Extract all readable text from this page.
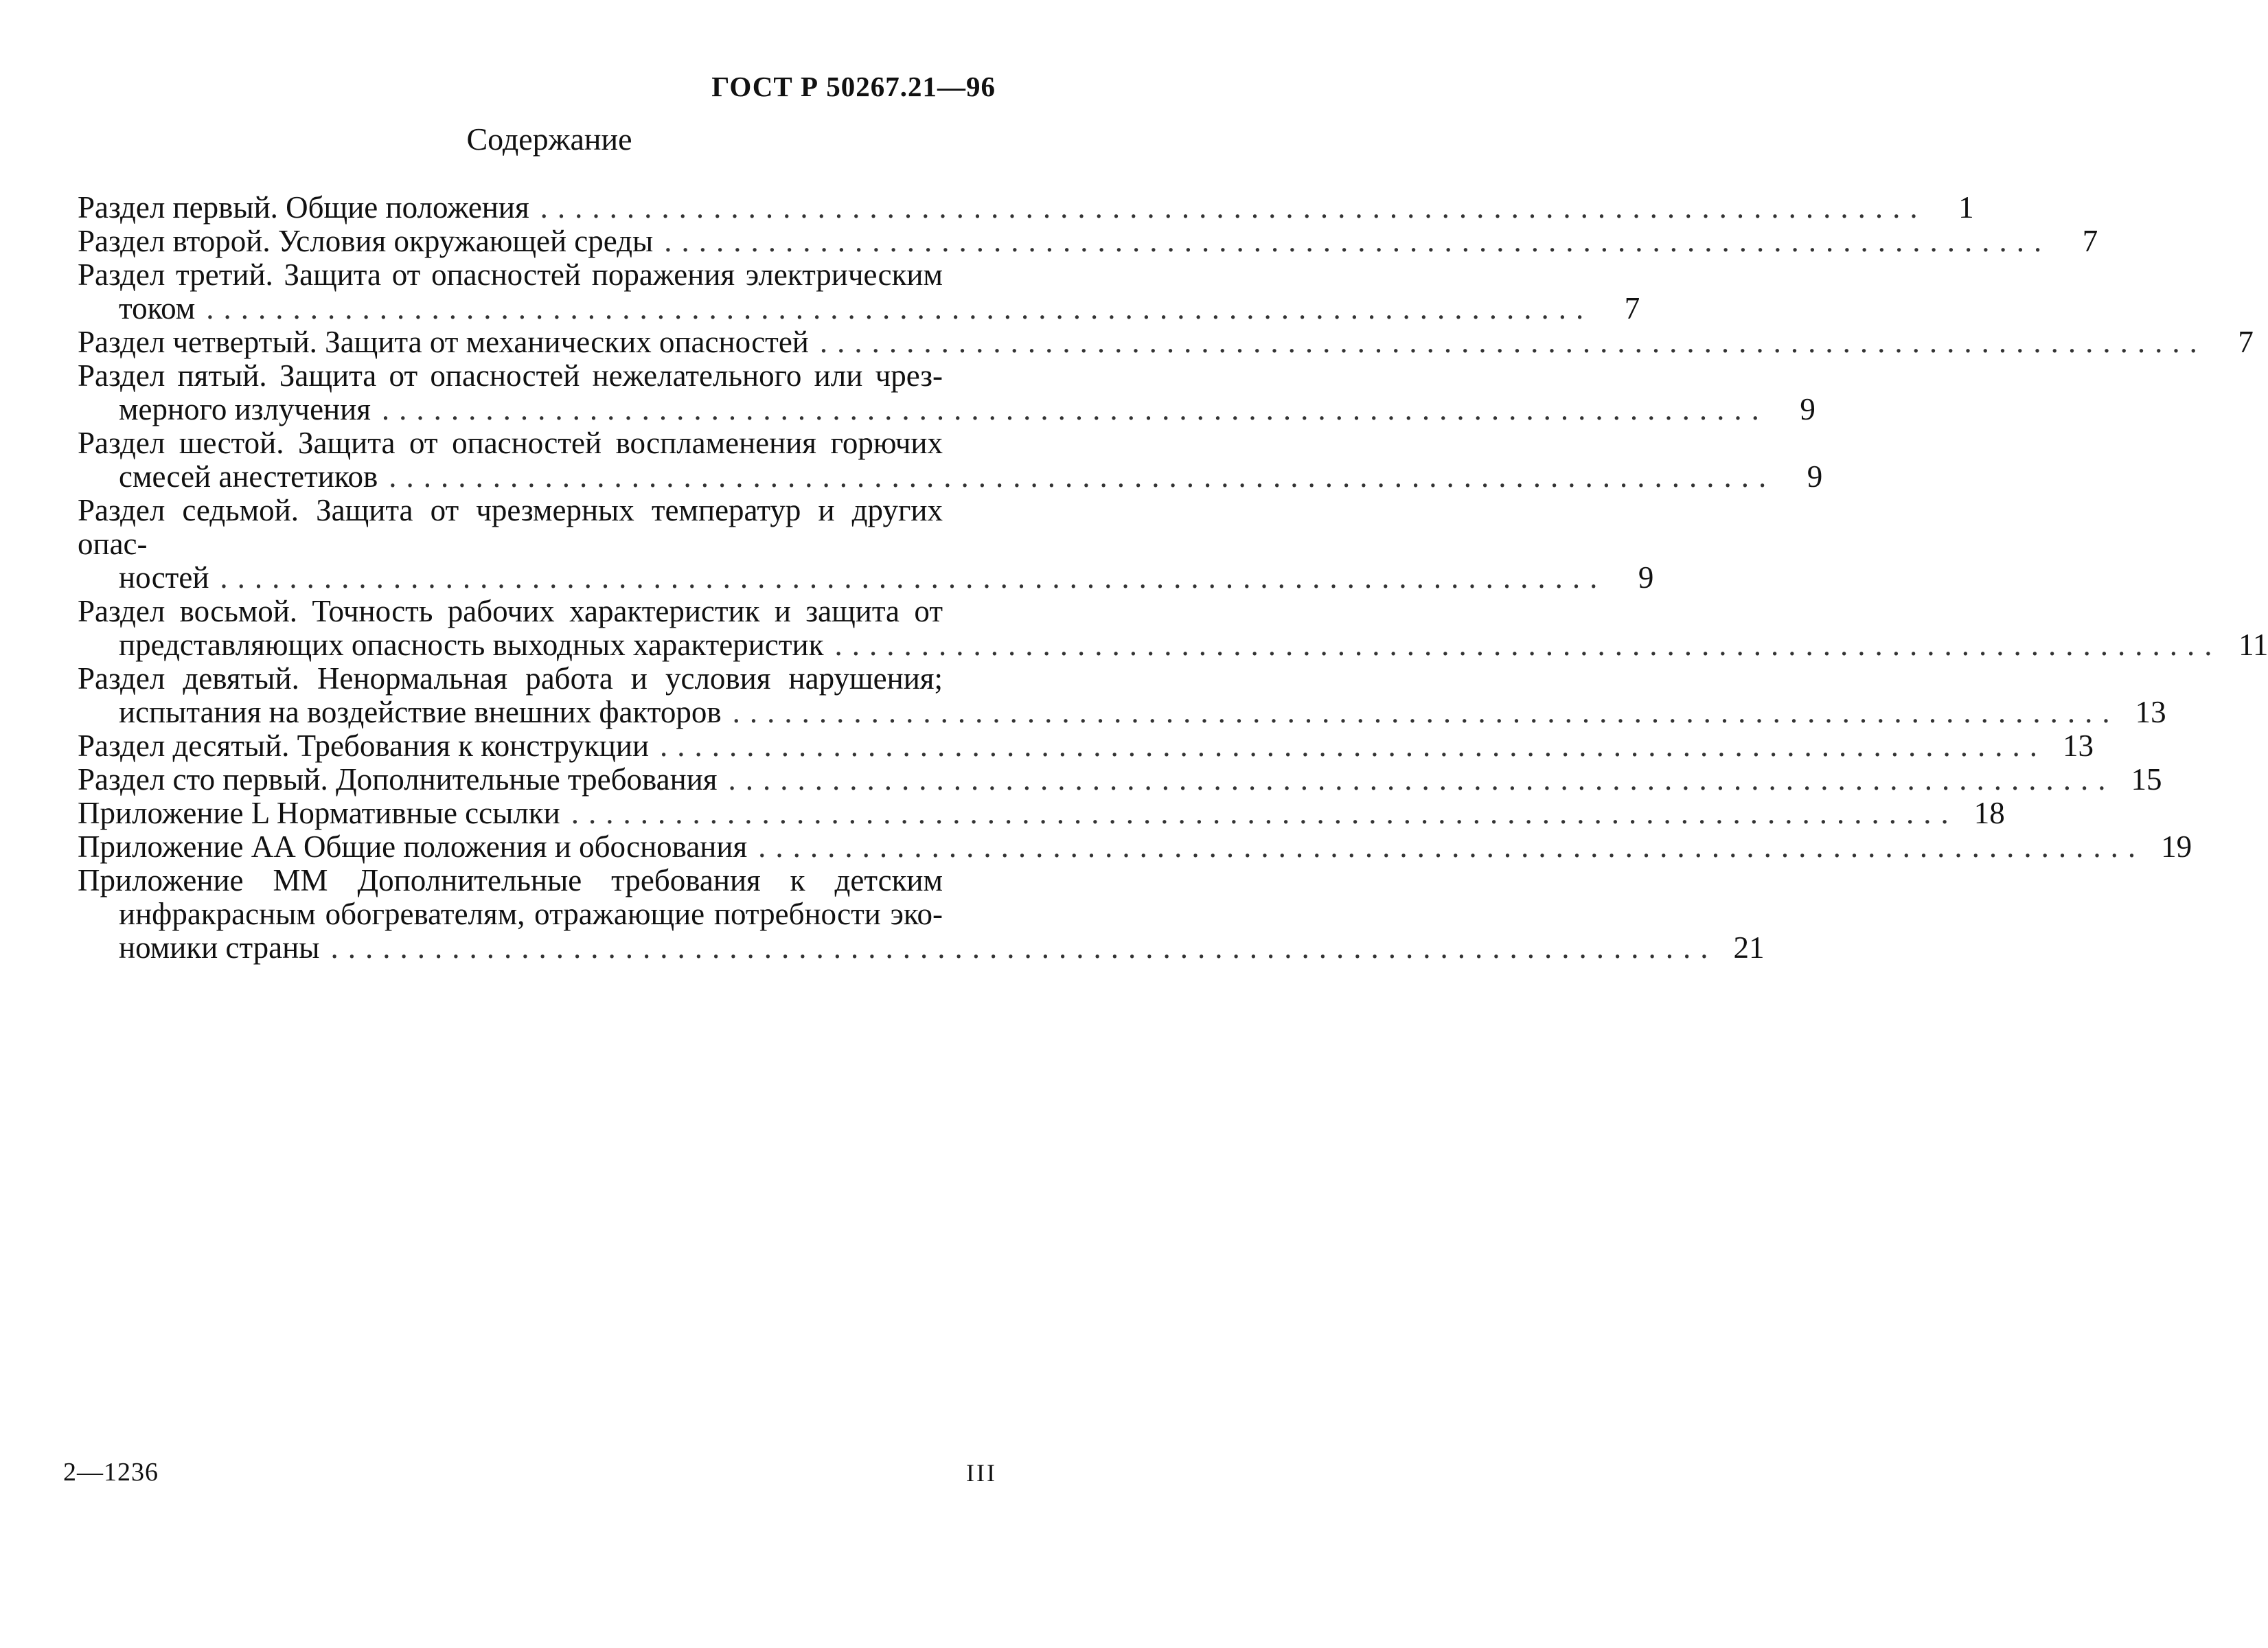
ГОСТ Р 50267.21—96
Содержание
Раздел первый. Общие положения ................................................................................	1
Раздел второй. Условия окружающей среды ................................................................................	7
Раздел третий. Защита от опасностей поражения электрическим
током ................................................................................	7
Раздел четвертый. Защита от механических опасностей ................................................................................	7
Раздел пятый. Защита от опасностей нежелательного или чрез-
мерного излучения ................................................................................	9
Раздел шестой. Защита от опасностей воспламенения горючих
смесей анестетиков ................................................................................	9
Раздел седьмой. Защита от чрезмерных температур и других опас-
ностей ................................................................................	9
Раздел восьмой. Точность рабочих характеристик и защита от
представляющих опасность выходных характеристик ................................................................................ 11
Раздел девятый. Ненормальная работа и условия нарушения;
испытания на воздействие внешних факторов ................................................................................ 13
Раздел десятый. Требования к конструкции ................................................................................ 13
Раздел сто первый. Дополнительные требования ................................................................................ 15
Приложение L Нормативные ссылки ................................................................................ 18
Приложение АА Общие положения и обоснования ................................................................................ 19
Приложение ММ Дополнительные требования к детским
инфракрасным обогревателям, отражающие потребности эко-
номики страны ................................................................................ 21
2—1236	III
